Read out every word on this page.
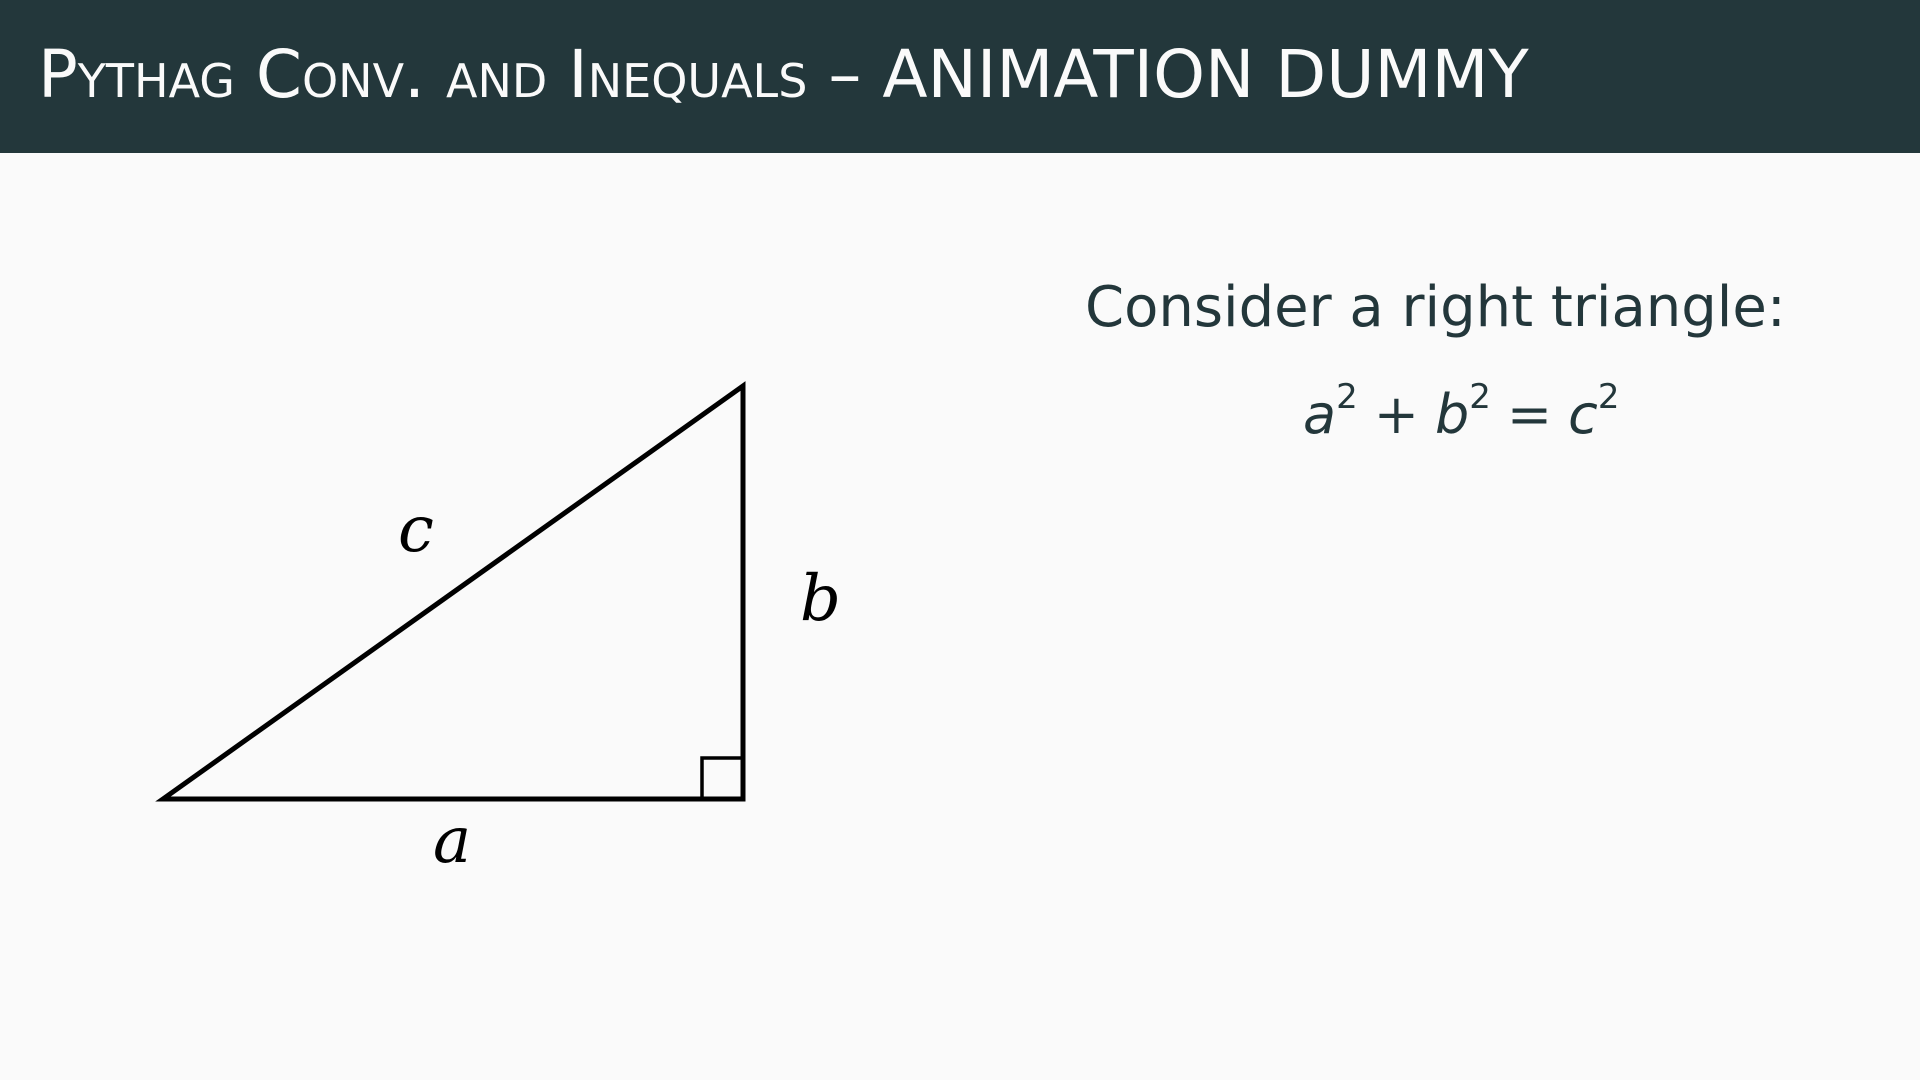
Pythag Conv. and Inequals – ANIMATION DUMMY
c
b
a
Consider a right triangle:
$a^2 + b^2 = c^2$
